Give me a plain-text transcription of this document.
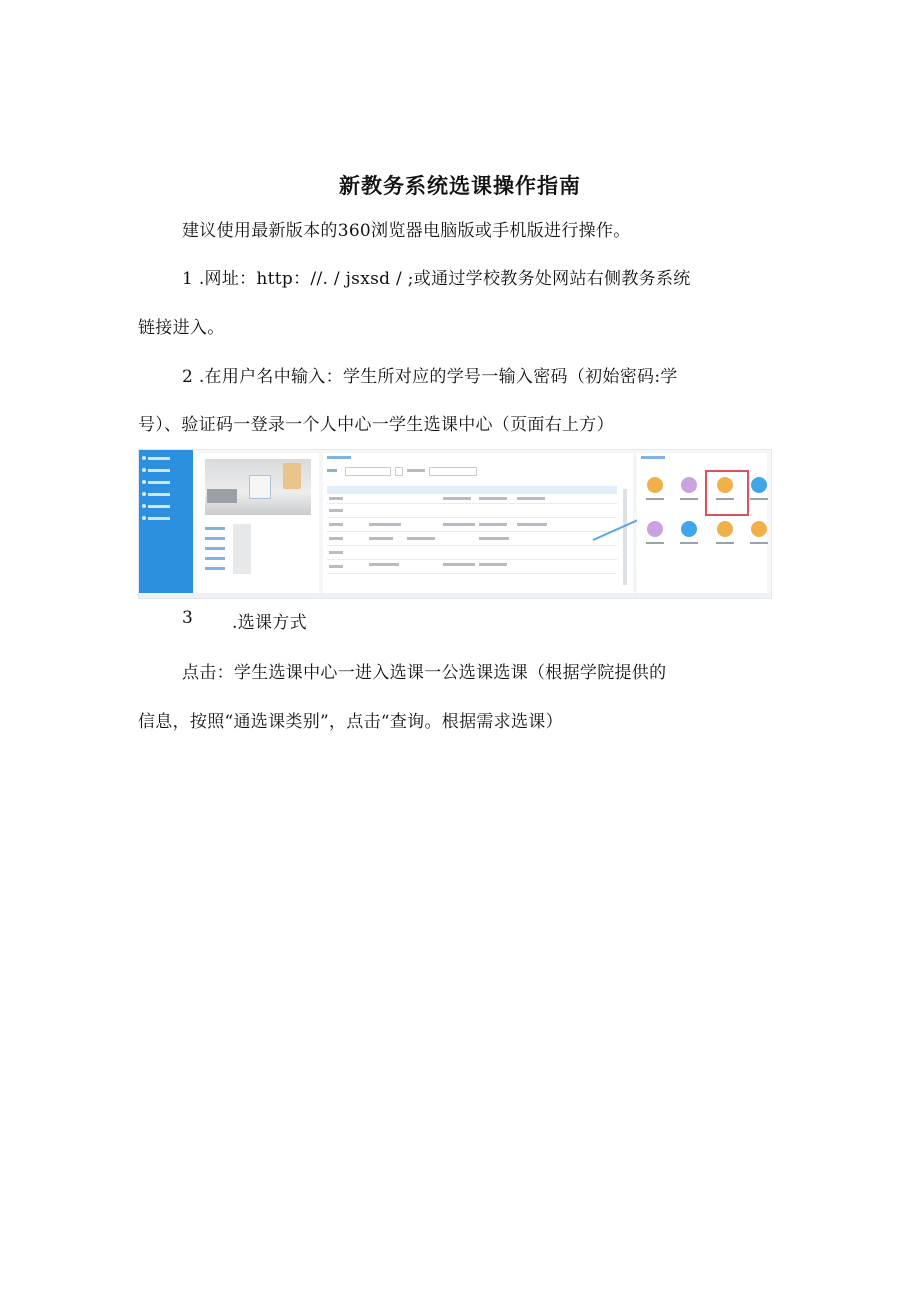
新教务系统选课操作指南
建议使用最新版本的360浏览器电脑版或手机版进行操作。
1 .网址：http：//. / jsxsd / ;或通过学校教务处网站右侧教务系统
链接进入。
2 .在用户名中输入：学生所对应的学号一输入密码（初始密码:学
号）、验证码一登录一个人中心一学生选课中心（页面右上方）
3 .选课方式
点击：学生选课中心一进入选课一公选课选课（根据学院提供的
信息，按照“通选课类别”，点击“查询。根据需求选课）
